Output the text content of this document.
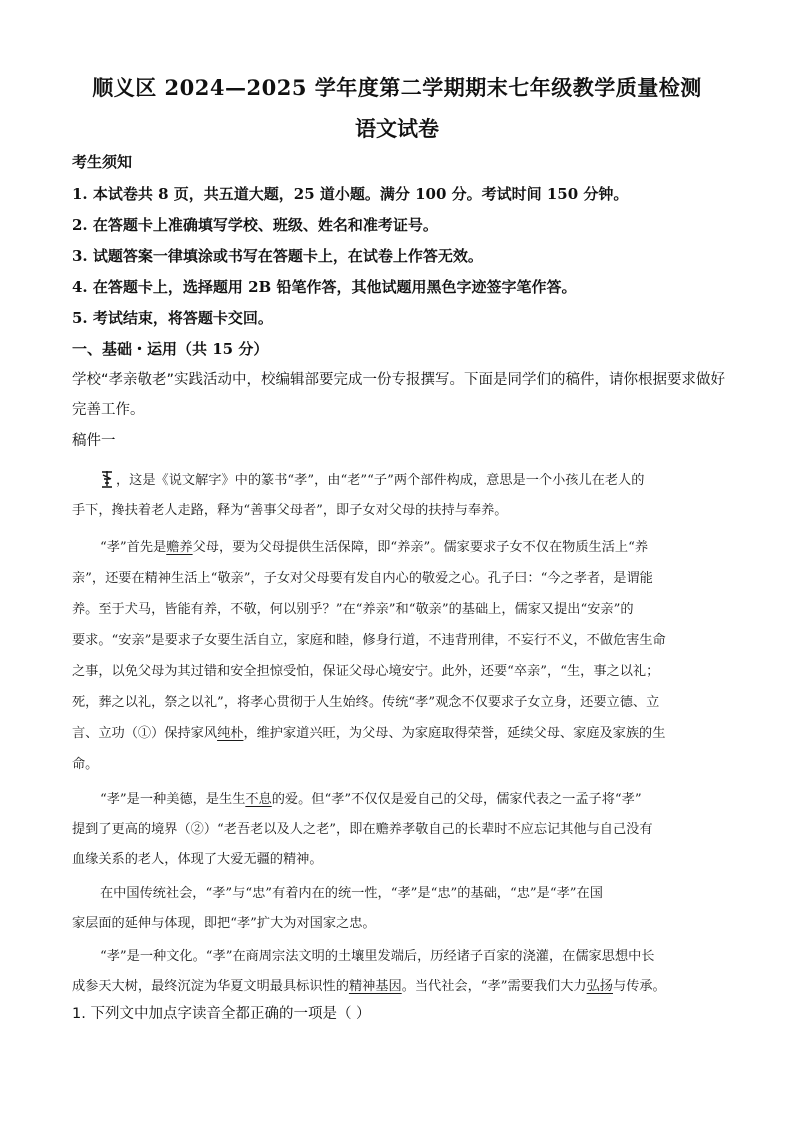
顺义区 2024—2025 学年度第二学期期末七年级教学质量检测
语文试卷
考生须知
1. 本试卷共 8 页，共五道大题，25 道小题。满分 100 分。考试时间 150 分钟。
2. 在答题卡上准确填写学校、班级、姓名和准考证号。
3. 试题答案一律填涂或书写在答题卡上，在试卷上作答无效。
4. 在答题卡上，选择题用 2B 铅笔作答，其他试题用黑色字迹签字笔作答。
5. 考试结束，将答题卡交回。
一、基础・运用（共 15 分）
学校“孝亲敬老”实践活动中，校编辑部要完成一份专报撰写。下面是同学们的稿件，请你根据要求做好
完善工作。
稿件一
，这是《说文解字》中的篆书“孝”，由“老”“子”两个部件构成，意思是一个小孩儿在老人的
手下，搀扶着老人走路，释为“善事父母者”，即子女对父母的扶持与奉养。
“孝”首先是赡养父母，要为父母提供生活保障，即“养亲”。儒家要求子女不仅在物质生活上“养
亲”，还要在精神生活上“敬亲”，子女对父母要有发自内心的敬爱之心。孔子曰：“今之孝者，是谓能
养。至于犬马，皆能有养，不敬，何以别乎？”在“养亲”和“敬亲”的基础上，儒家又提出“安亲”的
要求。“安亲”是要求子女要生活自立，家庭和睦，修身行道，不违背刑律，不妄行不义，不做危害生命
之事，以免父母为其过错和安全担惊受怕，保证父母心境安宁。此外，还要“卒亲”，“生，事之以礼；
死，葬之以礼，祭之以礼”，将孝心贯彻于人生始终。传统“孝”观念不仅要求子女立身，还要立德、立
言、立功（①）保持家风纯朴，维护家道兴旺，为父母、为家庭取得荣誉，延续父母、家庭及家族的生
命。
“孝”是一种美德，是生生不息的爱。但“孝”不仅仅是爱自己的父母，儒家代表之一孟子将“孝”
提到了更高的境界（②）“老吾老以及人之老”，即在赡养孝敬自己的长辈时不应忘记其他与自己没有
血缘关系的老人，体现了大爱无疆的精神。
在中国传统社会，“孝”与“忠”有着内在的统一性，“孝”是“忠”的基础，“忠”是“孝”在国
家层面的延伸与体现，即把“孝”扩大为对国家之忠。
“孝”是一种文化。“孝”在商周宗法文明的土壤里发端后，历经诸子百家的浇灌，在儒家思想中长
成参天大树，最终沉淀为华夏文明最具标识性的精神基因。当代社会，“孝”需要我们大力弘扬与传承。
1. 下列文中加点字读音全都正确的一项是（ ）
